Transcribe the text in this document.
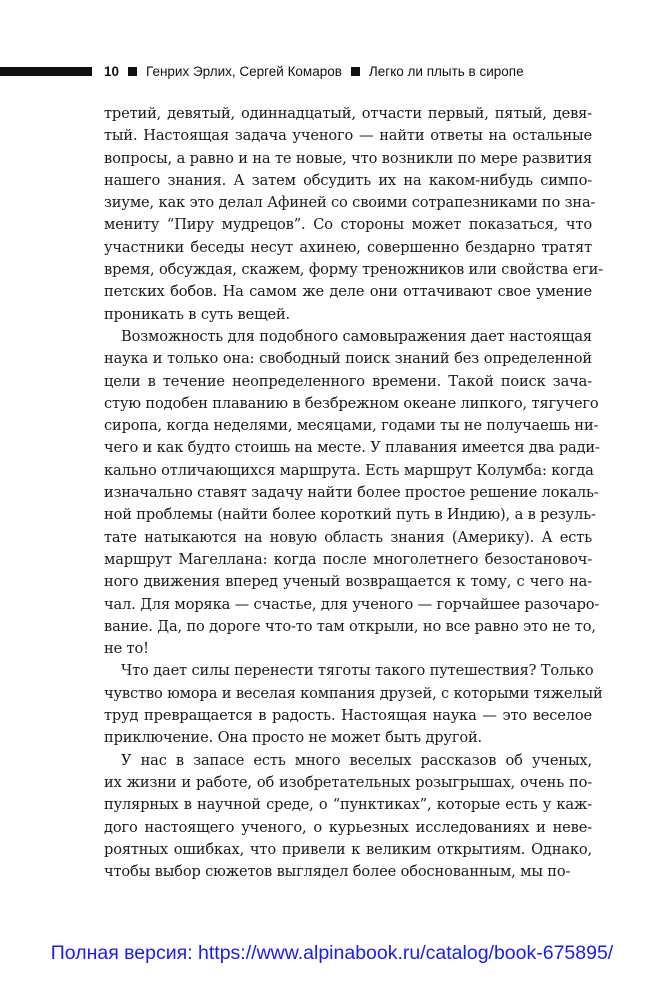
10 Генрих Эрлих, Сергей Комаров Легко ли плыть в сиропе
третий, девятый, одиннадцатый, отчасти первый, пятый, девя-
тый. Настоящая задача ученого — найти ответы на остальные
вопросы, а равно и на те новые, что возникли по мере развития
нашего знания. А затем обсудить их на каком-нибудь симпо-
зиуме, как это делал Афиней со своими сотрапезниками по зна-
мениту “Пиру мудрецов”. Со стороны может показаться, что
участники беседы несут ахинею, совершенно бездарно тратят
время, обсуждая, скажем, форму треножников или свойства еги-
петских бобов. На самом же деле они оттачивают свое умение
проникать в суть вещей.
Возможность для подобного самовыражения дает настоящая
наука и только она: свободный поиск знаний без определенной
цели в течение неопределенного времени. Такой поиск зача-
стую подобен плаванию в безбрежном океане липкого, тягучего
сиропа, когда неделями, месяцами, годами ты не получаешь ни-
чего и как будто стоишь на месте. У плавания имеется два ради-
кально отличающихся маршрута. Есть маршрут Колумба: когда
изначально ставят задачу найти более простое решение локаль-
ной проблемы (найти более короткий путь в Индию), а в резуль-
тате натыкаются на новую область знания (Америку). А есть
маршрут Магеллана: когда после многолетнего безостановоч-
ного движения вперед ученый возвращается к тому, с чего на-
чал. Для моряка — счастье, для ученого — горчайшее разочаро-
вание. Да, по дороге что-то там открыли, но все равно это не то,
не то!
Что дает силы перенести тяготы такого путешествия? Только
чувство юмора и веселая компания друзей, с которыми тяжелый
труд превращается в радость. Настоящая наука — это веселое
приключение. Она просто не может быть другой.
У нас в запасе есть много веселых рассказов об ученых,
их жизни и работе, об изобретательных розыгрышах, очень по-
пулярных в научной среде, о “пунктиках”, которые есть у каж-
дого настоящего ученого, о курьезных исследованиях и неве-
роятных ошибках, что привели к великим открытиям. Однако,
чтобы выбор сюжетов выглядел более обоснованным, мы по-
Полная версия: https://www.alpinabook.ru/catalog/book-675895/
